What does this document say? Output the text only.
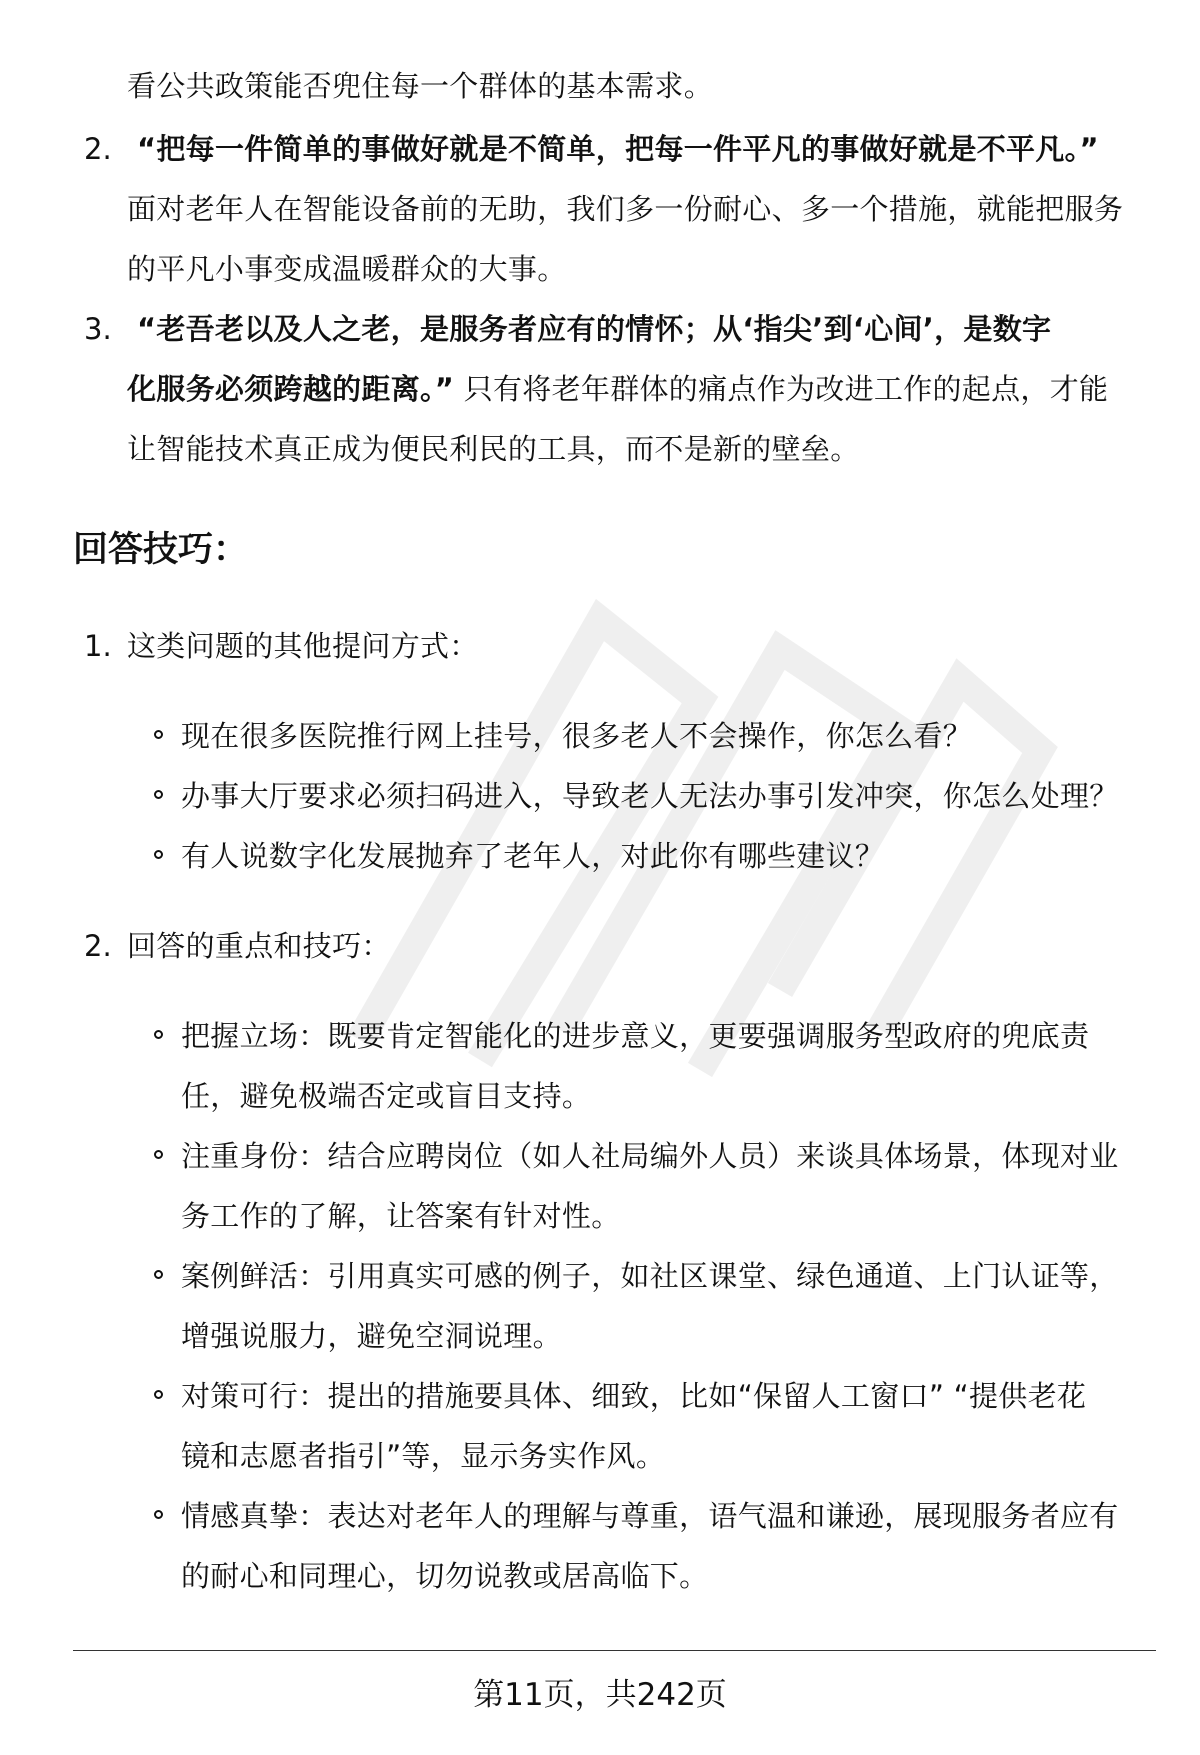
看公共政策能否兜住每一个群体的基本需求。
2. “把每一件简单的事做好就是不简单，把每一件平凡的事做好就是不平凡。”
面对老年人在智能设备前的无助，我们多一份耐心、多一个措施，就能把服务
的平凡小事变成温暖群众的大事。
3. “老吾老以及人之老，是服务者应有的情怀；从‘指尖’到‘心间’，是数字
化服务必须跨越的距离。” 只有将老年群体的痛点作为改进工作的起点，才能
让智能技术真正成为便民利民的工具，而不是新的壁垒。
回答技巧：
1. 这类问题的其他提问方式：
现在很多医院推行网上挂号，很多老人不会操作，你怎么看？
办事大厅要求必须扫码进入，导致老人无法办事引发冲突，你怎么处理？
有人说数字化发展抛弃了老年人，对此你有哪些建议？
2. 回答的重点和技巧：
把握立场：既要肯定智能化的进步意义，更要强调服务型政府的兜底责
任，避免极端否定或盲目支持。
注重身份：结合应聘岗位（如人社局编外人员）来谈具体场景，体现对业
务工作的了解，让答案有针对性。
案例鲜活：引用真实可感的例子，如社区课堂、绿色通道、上门认证等，
增强说服力，避免空洞说理。
对策可行：提出的措施要具体、细致，比如“保留人工窗口” “提供老花
镜和志愿者指引”等，显示务实作风。
情感真挚：表达对老年人的理解与尊重，语气温和谦逊，展现服务者应有
的耐心和同理心，切勿说教或居高临下。
第11页，共242页
